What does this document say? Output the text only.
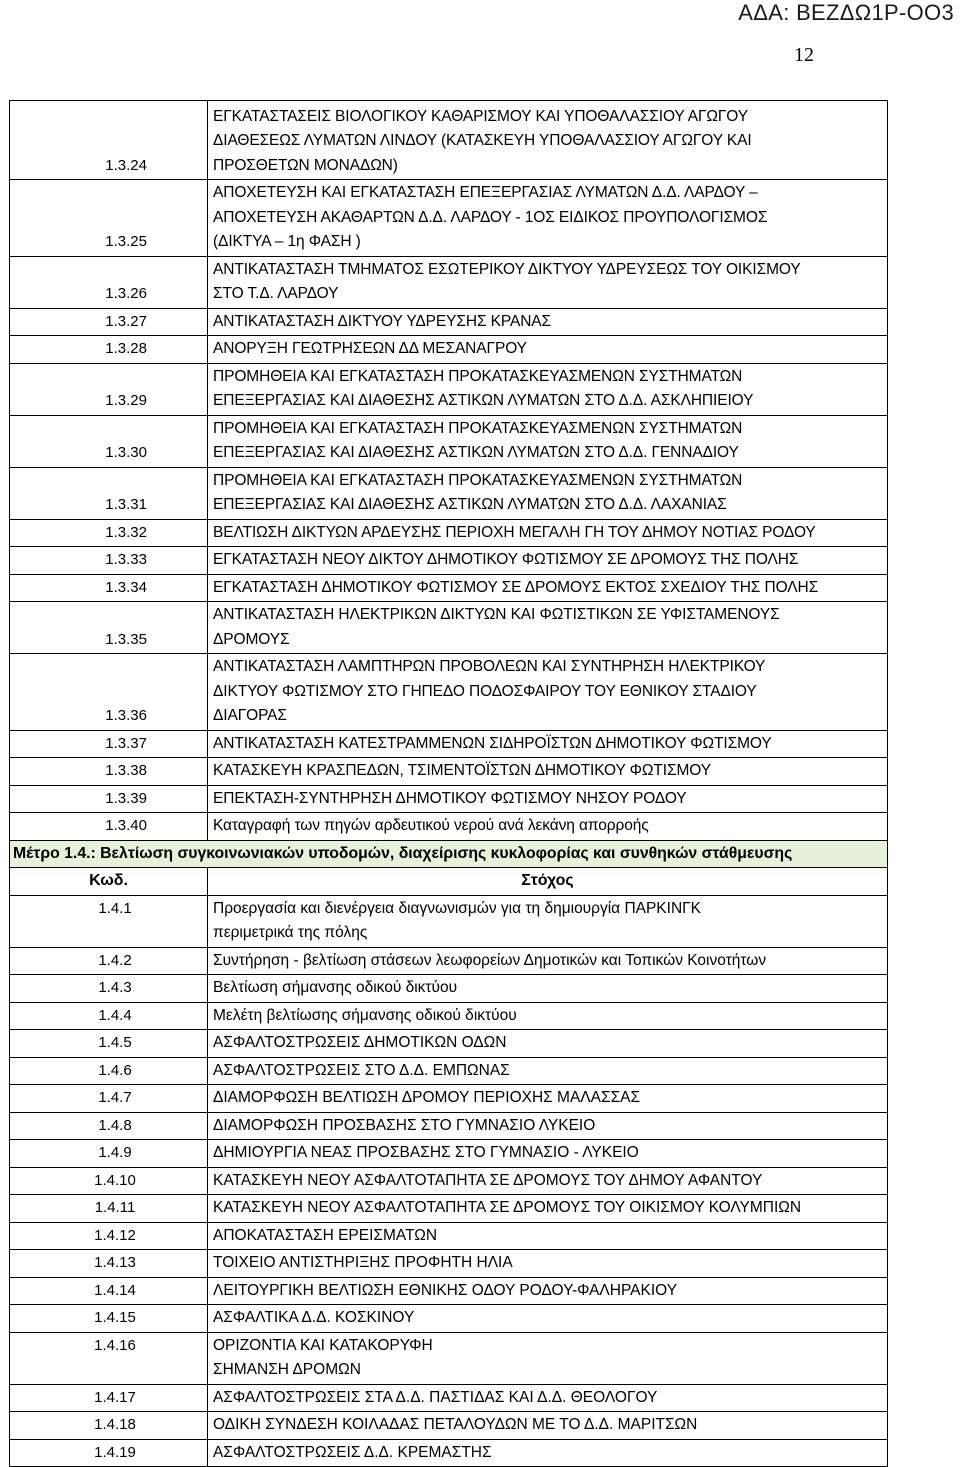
ΑΔΑ: ΒΕΖΔΩ1Ρ-ΟΟ3
12
1.3.24	ΕΓΚΑΤΑΣΤΑΣΕΙΣ ΒΙΟΛΟΓΙΚΟΥ ΚΑΘΑΡΙΣΜΟΥ ΚΑΙ ΥΠΟΘΑΛΑΣΣΙΟΥ ΑΓΩΓΟΥ
ΔΙΑΘΕΣΕΩΣ ΛΥΜΑΤΩΝ ΛΙΝΔΟΥ (ΚΑΤΑΣΚΕΥΗ ΥΠΟΘΑΛΑΣΣΙΟΥ ΑΓΩΓΟΥ ΚΑΙ
ΠΡΟΣΘΕΤΩΝ ΜΟΝΑΔΩΝ)

1.3.25	ΑΠΟΧΕΤΕΥΣΗ ΚΑΙ ΕΓΚΑΤΑΣΤΑΣΗ ΕΠΕΞΕΡΓΑΣΙΑΣ ΛΥΜΑΤΩΝ Δ.Δ. ΛΑΡΔΟΥ –
ΑΠΟΧΕΤΕΥΣΗ ΑΚΑΘΑΡΤΩΝ Δ.Δ. ΛΑΡΔΟΥ - 1ΟΣ ΕΙΔΙΚΟΣ ΠΡΟΥΠΟΛΟΓΙΣΜΟΣ
(ΔΙΚΤΥΑ – 1η ΦΑΣΗ )

1.3.26	ΑΝΤΙΚΑΤΑΣΤΑΣΗ ΤΜΗΜΑΤΟΣ ΕΣΩΤΕΡΙΚΟΥ ΔΙΚΤΥΟΥ ΥΔΡΕΥΣΕΩΣ ΤΟΥ ΟΙΚΙΣΜΟΥ
ΣΤΟ Τ.Δ. ΛΑΡΔΟΥ

1.3.27	ΑΝΤΙΚΑΤΑΣΤΑΣΗ ΔΙΚΤΥΟΥ ΥΔΡΕΥΣΗΣ ΚΡΑΝΑΣ

1.3.28	ΑΝΟΡΥΞΗ ΓΕΩΤΡΗΣΕΩΝ ΔΔ ΜΕΣΑΝΑΓΡΟΥ

1.3.29	ΠΡΟΜΗΘΕΙΑ ΚΑΙ ΕΓΚΑΤΑΣΤΑΣΗ ΠΡΟΚΑΤΑΣΚΕΥΑΣΜΕΝΩΝ ΣΥΣΤΗΜΑΤΩΝ
ΕΠΕΞΕΡΓΑΣΙΑΣ ΚΑΙ ΔΙΑΘΕΣΗΣ ΑΣΤΙΚΩΝ ΛΥΜΑΤΩΝ ΣΤΟ Δ.Δ. ΑΣΚΛΗΠΙΕΙΟΥ

1.3.30	ΠΡΟΜΗΘΕΙΑ ΚΑΙ ΕΓΚΑΤΑΣΤΑΣΗ ΠΡΟΚΑΤΑΣΚΕΥΑΣΜΕΝΩΝ ΣΥΣΤΗΜΑΤΩΝ
ΕΠΕΞΕΡΓΑΣΙΑΣ ΚΑΙ ΔΙΑΘΕΣΗΣ ΑΣΤΙΚΩΝ ΛΥΜΑΤΩΝ ΣΤΟ Δ.Δ. ΓΕΝΝΑΔΙΟΥ

1.3.31	ΠΡΟΜΗΘΕΙΑ ΚΑΙ ΕΓΚΑΤΑΣΤΑΣΗ ΠΡΟΚΑΤΑΣΚΕΥΑΣΜΕΝΩΝ ΣΥΣΤΗΜΑΤΩΝ
ΕΠΕΞΕΡΓΑΣΙΑΣ ΚΑΙ ΔΙΑΘΕΣΗΣ ΑΣΤΙΚΩΝ ΛΥΜΑΤΩΝ ΣΤΟ Δ.Δ. ΛΑΧΑΝΙΑΣ

1.3.32	ΒΕΛΤΙΩΣΗ ΔΙΚΤΥΩΝ ΑΡΔΕΥΣΗΣ ΠΕΡΙΟΧΗ ΜΕΓΑΛΗ ΓΗ ΤΟΥ ΔΗΜΟΥ ΝΟΤΙΑΣ ΡΟΔΟΥ

1.3.33	ΕΓΚΑΤΑΣΤΑΣΗ ΝΕΟΥ ΔΙΚΤΟΥ ΔΗΜΟΤΙΚΟΥ ΦΩΤΙΣΜΟΥ ΣΕ ΔΡΟΜΟΥΣ ΤΗΣ ΠΟΛΗΣ

1.3.34	ΕΓΚΑΤΑΣΤΑΣΗ ΔΗΜΟΤΙΚΟΥ ΦΩΤΙΣΜΟΥ ΣΕ ΔΡΟΜΟΥΣ ΕΚΤΟΣ ΣΧΕΔΙΟΥ ΤΗΣ ΠΟΛΗΣ

1.3.35	ΑΝΤΙΚΑΤΑΣΤΑΣΗ ΗΛΕΚΤΡΙΚΩΝ ΔΙΚΤΥΩΝ ΚΑΙ ΦΩΤΙΣΤΙΚΩΝ ΣΕ ΥΦΙΣΤΑΜΕΝΟΥΣ
ΔΡΟΜΟΥΣ

1.3.36	ΑΝΤΙΚΑΤΑΣΤΑΣΗ ΛΑΜΠΤΗΡΩΝ ΠΡΟΒΟΛΕΩΝ ΚΑΙ ΣΥΝΤΗΡΗΣΗ ΗΛΕΚΤΡΙΚΟΥ
ΔΙΚΤΥΟΥ ΦΩΤΙΣΜΟΥ ΣΤΟ ΓΗΠΕΔΟ ΠΟΔΟΣΦΑΙΡΟΥ ΤΟΥ ΕΘΝΙΚΟΥ ΣΤΑΔΙΟΥ
ΔΙΑΓΟΡΑΣ

1.3.37	ΑΝΤΙΚΑΤΑΣΤΑΣΗ ΚΑΤΕΣΤΡΑΜΜΕΝΩΝ ΣΙΔΗΡΟΪΣΤΩΝ ΔΗΜΟΤΙΚΟΥ ΦΩΤΙΣΜΟΥ

1.3.38	ΚΑΤΑΣΚΕΥΗ ΚΡΑΣΠΕΔΩΝ, ΤΣΙΜΕΝΤΟΪΣΤΩΝ ΔΗΜΟΤΙΚΟΥ ΦΩΤΙΣΜΟΥ

1.3.39	ΕΠΕΚΤΑΣΗ-ΣΥΝΤΗΡΗΣΗ ΔΗΜΟΤΙΚΟΥ ΦΩΤΙΣΜΟΥ ΝΗΣΟΥ ΡΟΔΟΥ

1.3.40	Καταγραφή των πηγών αρδευτικού νερού ανά λεκάνη απορροής

Μέτρο 1.4.: Βελτίωση συγκοινωνιακών υποδομών, διαχείρισης κυκλοφορίας και συνθηκών στάθμευσης	
Κωδ.	Στόχος
1.4.1	Προεργασία και διενέργεια διαγνωνισμών για τη δημιουργία ΠΑΡΚΙΝΓΚ
περιμετρικά της πόλης

1.4.2	Συντήρηση - βελτίωση στάσεων λεωφορείων Δημοτικών και Τοπικών Κοινοτήτων

1.4.3	Βελτίωση σήμανσης οδικού δικτύου

1.4.4	Μελέτη βελτίωσης σήμανσης οδικού δικτύου

1.4.5	ΑΣΦΑΛΤΟΣΤΡΩΣΕΙΣ ΔΗΜΟΤΙΚΩΝ ΟΔΩΝ

1.4.6	ΑΣΦΑΛΤΟΣΤΡΩΣΕΙΣ ΣΤΟ Δ.Δ. ΕΜΠΩΝΑΣ

1.4.7	ΔΙΑΜΟΡΦΩΣΗ ΒΕΛΤΙΩΣΗ ΔΡΟΜΟΥ ΠΕΡΙΟΧΗΣ ΜΑΛΑΣΣΑΣ

1.4.8	ΔΙΑΜΟΡΦΩΣΗ ΠΡΟΣΒΑΣΗΣ ΣΤΟ ΓΥΜΝΑΣΙΟ ΛΥΚΕΙΟ

1.4.9	ΔΗΜΙΟΥΡΓΙΑ ΝΕΑΣ ΠΡΟΣΒΑΣΗΣ ΣΤΟ ΓΥΜΝΑΣΙΟ - ΛΥΚΕΙΟ

1.4.10	ΚΑΤΑΣΚΕΥΗ ΝΕΟΥ ΑΣΦΑΛΤΟΤΑΠΗΤΑ ΣΕ ΔΡΟΜΟΥΣ ΤΟΥ ΔΗΜΟΥ ΑΦΑΝΤΟΥ

1.4.11	ΚΑΤΑΣΚΕΥΗ ΝΕΟΥ ΑΣΦΑΛΤΟΤΑΠΗΤΑ ΣΕ ΔΡΟΜΟΥΣ ΤΟΥ ΟΙΚΙΣΜΟΥ ΚΟΛΥΜΠΙΩΝ

1.4.12	ΑΠΟΚΑΤΑΣΤΑΣΗ ΕΡΕΙΣΜΑΤΩΝ

1.4.13	ΤΟΙΧΕΙΟ ΑΝΤΙΣΤΗΡΙΞΗΣ ΠΡΟΦΗΤΗ ΗΛΙΑ

1.4.14	ΛΕΙΤΟΥΡΓΙΚΗ ΒΕΛΤΙΩΣΗ ΕΘΝΙΚΗΣ ΟΔΟΥ ΡΟΔΟΥ-ΦΑΛΗΡΑΚΙΟΥ

1.4.15	ΑΣΦΑΛΤΙΚΑ Δ.Δ. ΚΟΣΚΙΝΟΥ

1.4.16	ΟΡΙΖΟΝΤΙΑ ΚΑΙ ΚΑΤΑΚΟΡΥΦΗ
ΣΗΜΑΝΣΗ ΔΡΟΜΩΝ

1.4.17	ΑΣΦΑΛΤΟΣΤΡΩΣΕΙΣ ΣΤΑ Δ.Δ. ΠΑΣΤΙΔΑΣ ΚΑΙ Δ.Δ. ΘΕΟΛΟΓΟΥ

1.4.18	ΟΔΙΚΗ ΣΥΝΔΕΣΗ ΚΟΙΛΑΔΑΣ ΠΕΤΑΛΟΥΔΩΝ ΜΕ ΤΟ Δ.Δ. ΜΑΡΙΤΣΩΝ

1.4.19	ΑΣΦΑΛΤΟΣΤΡΩΣΕΙΣ Δ.Δ. ΚΡΕΜΑΣΤΗΣ
